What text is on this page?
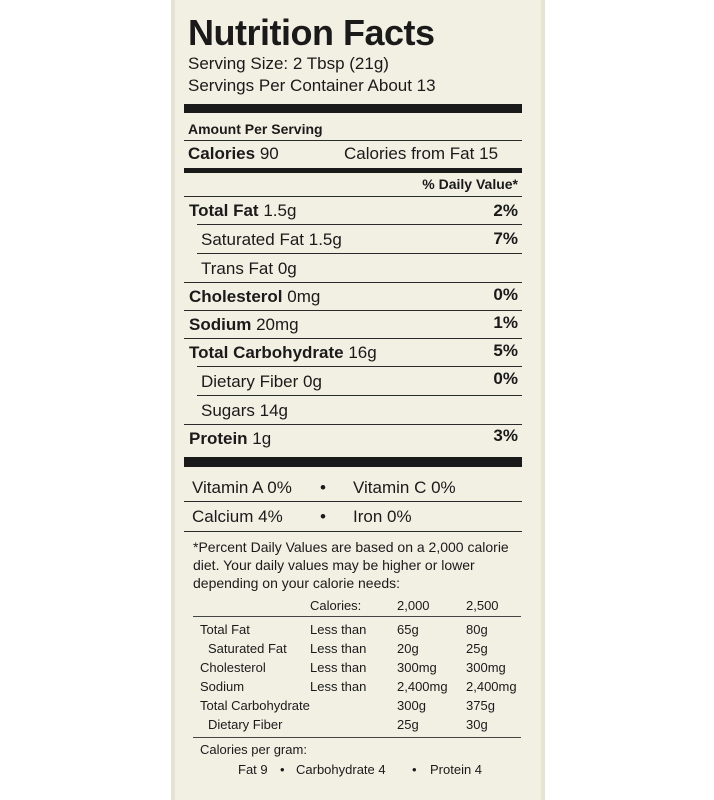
Nutrition Facts
Serving Size: 2 Tbsp (21g)
Servings Per Container About 13
Amount Per Serving
Calories 90	Calories from Fat 15
% Daily Value*
Total Fat 1.5g	2%
Saturated Fat 1.5g	7%
Trans Fat 0g
Cholesterol 0mg	0%
Sodium 20mg	1%
Total Carbohydrate 16g	5%
Dietary Fiber 0g	0%
Sugars 14g
Protein 1g	3%
Vitamin A 0% • Vitamin C 0%
Calcium 4% • Iron 0%
*Percent Daily Values are based on a 2,000 calorie
diet. Your daily values may be higher or lower
depending on your calorie needs:
Calories:	2,000	2,500
Total Fat	Less than 65g	80g
Saturated Fat Less than 20g	25g
Cholesterol	Less than 300mg 300mg
Sodium	Less than 2,400mg 2,400mg
Total Carbohydrate	300g	375g
Dietary Fiber	25g	30g
Calories per gram:
Fat 9 • Carbohydrate 4 • Protein 4
